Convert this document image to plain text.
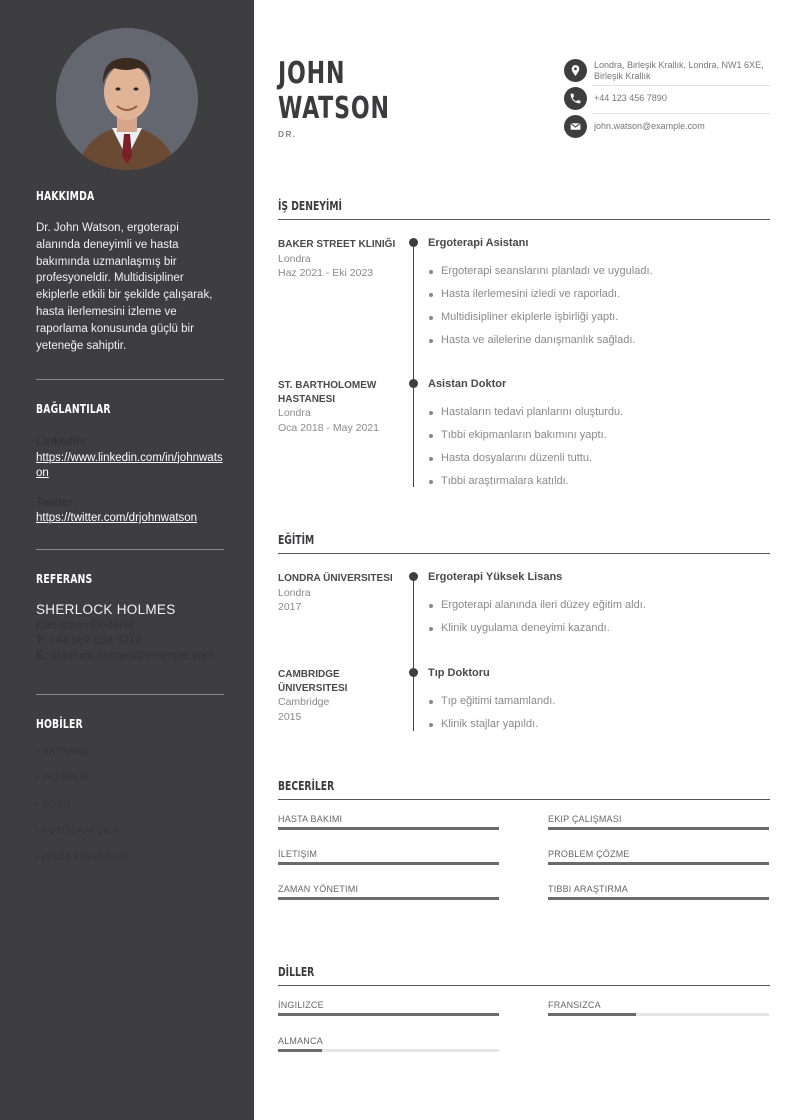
HAKKIMDA
Dr. John Watson, ergoterapi alanında deneyimli ve hasta bakımında uzmanlaşmış bir profesyoneldir. Multidisipliner ekiplerle etkili bir şekilde çalışarak, hasta ilerlemesini izleme ve raporlama konusunda güçlü bir yeteneğe sahiptir.
BAĞLANTILAR
LinkedIn:
https://www.linkedin.com/in/johnwatson
Twitter:
https://twitter.com/drjohnwatson
REFERANS
SHERLOCK HOLMES
Danışman Dedektif
T: +44 987 654 3210
E: sherlock.holmes@example.com
HOBİLER
• SATRANÇ
• YAZARLIK
• KOŞU
• FOTOĞRAFÇILIK
• DOĞA YÜRÜYÜŞÜ
JOHN
WATSON
DR.
Londra, Birleşik Krallık, Londra, NW1 6XE, Birleşik Krallık
+44 123 456 7890
john.watson@example.com
İŞ DENEYİMİ
BAKER STREET KLINIĞI
Londra
Haz 2021 - Eki 2023
Ergoterapi Asistanı
Ergoterapi seanslarını planladı ve uyguladı.
Hasta ilerlemesini izledi ve raporladı.
Multidisipliner ekiplerle işbirliği yaptı.
Hasta ve ailelerine danışmanlık sağladı.
ST. BARTHOLOMEW HASTANESI
Londra
Oca 2018 - May 2021
Asistan Doktor
Hastaların tedavi planlarını oluşturdu.
Tıbbi ekipmanların bakımını yaptı.
Hasta dosyalarını düzenli tuttu.
Tıbbi araştırmalara katıldı.
EĞİTİM
LONDRA ÜNIVERSITESI
Londra
2017
Ergoterapi Yüksek Lisans
Ergoterapi alanında ileri düzey eğitim aldı.
Klinik uygulama deneyimi kazandı.
CAMBRIDGE ÜNIVERSITESI
Cambridge
2015
Tıp Doktoru
Tıp eğitimi tamamlandı.
Klinik stajlar yapıldı.
BECERİLER
HASTA BAKIMI	EKIP ÇALIŞMASI
İLETIŞIM	PROBLEM ÇÖZME
ZAMAN YÖNETIMI	TIBBI ARAŞTIRMA
DİLLER
İNGILIZCE	FRANSIZCA
ALMANCA
